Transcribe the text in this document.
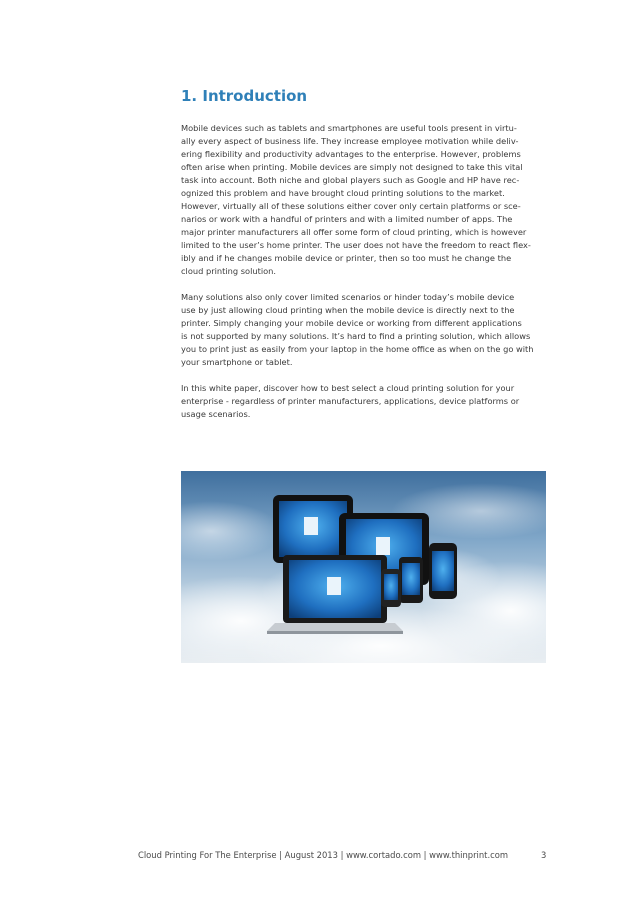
1. Introduction
Mobile devices such as tablets and smartphones are useful tools present in virtu-
ally every aspect of business life. They increase employee motivation while deliv-
ering flexibility and productivity advantages to the enterprise. However, problems
often arise when printing. Mobile devices are simply not designed to take this vital
task into account. Both niche and global players such as Google and HP have rec-
ognized this problem and have brought cloud printing solutions to the market.
However, virtually all of these solutions either cover only certain platforms or sce-
narios or work with a handful of printers and with a limited number of apps. The
major printer manufacturers all offer some form of cloud printing, which is however
limited to the user’s home printer. The user does not have the freedom to react flex-
ibly and if he changes mobile device or printer, then so too must he change the
cloud printing solution.
Many solutions also only cover limited scenarios or hinder today’s mobile device
use by just allowing cloud printing when the mobile device is directly next to the
printer. Simply changing your mobile device or working from different applications
is not supported by many solutions. It’s hard to find a printing solution, which allows
you to print just as easily from your laptop in the home office as when on the go with
your smartphone or tablet.
In this white paper, discover how to best select a cloud printing solution for your
enterprise - regardless of printer manufacturers, applications, device platforms or
usage scenarios.
Cloud Printing For The Enterprise | August 2013 | www.cortado.com | www.thinprint.com	3
